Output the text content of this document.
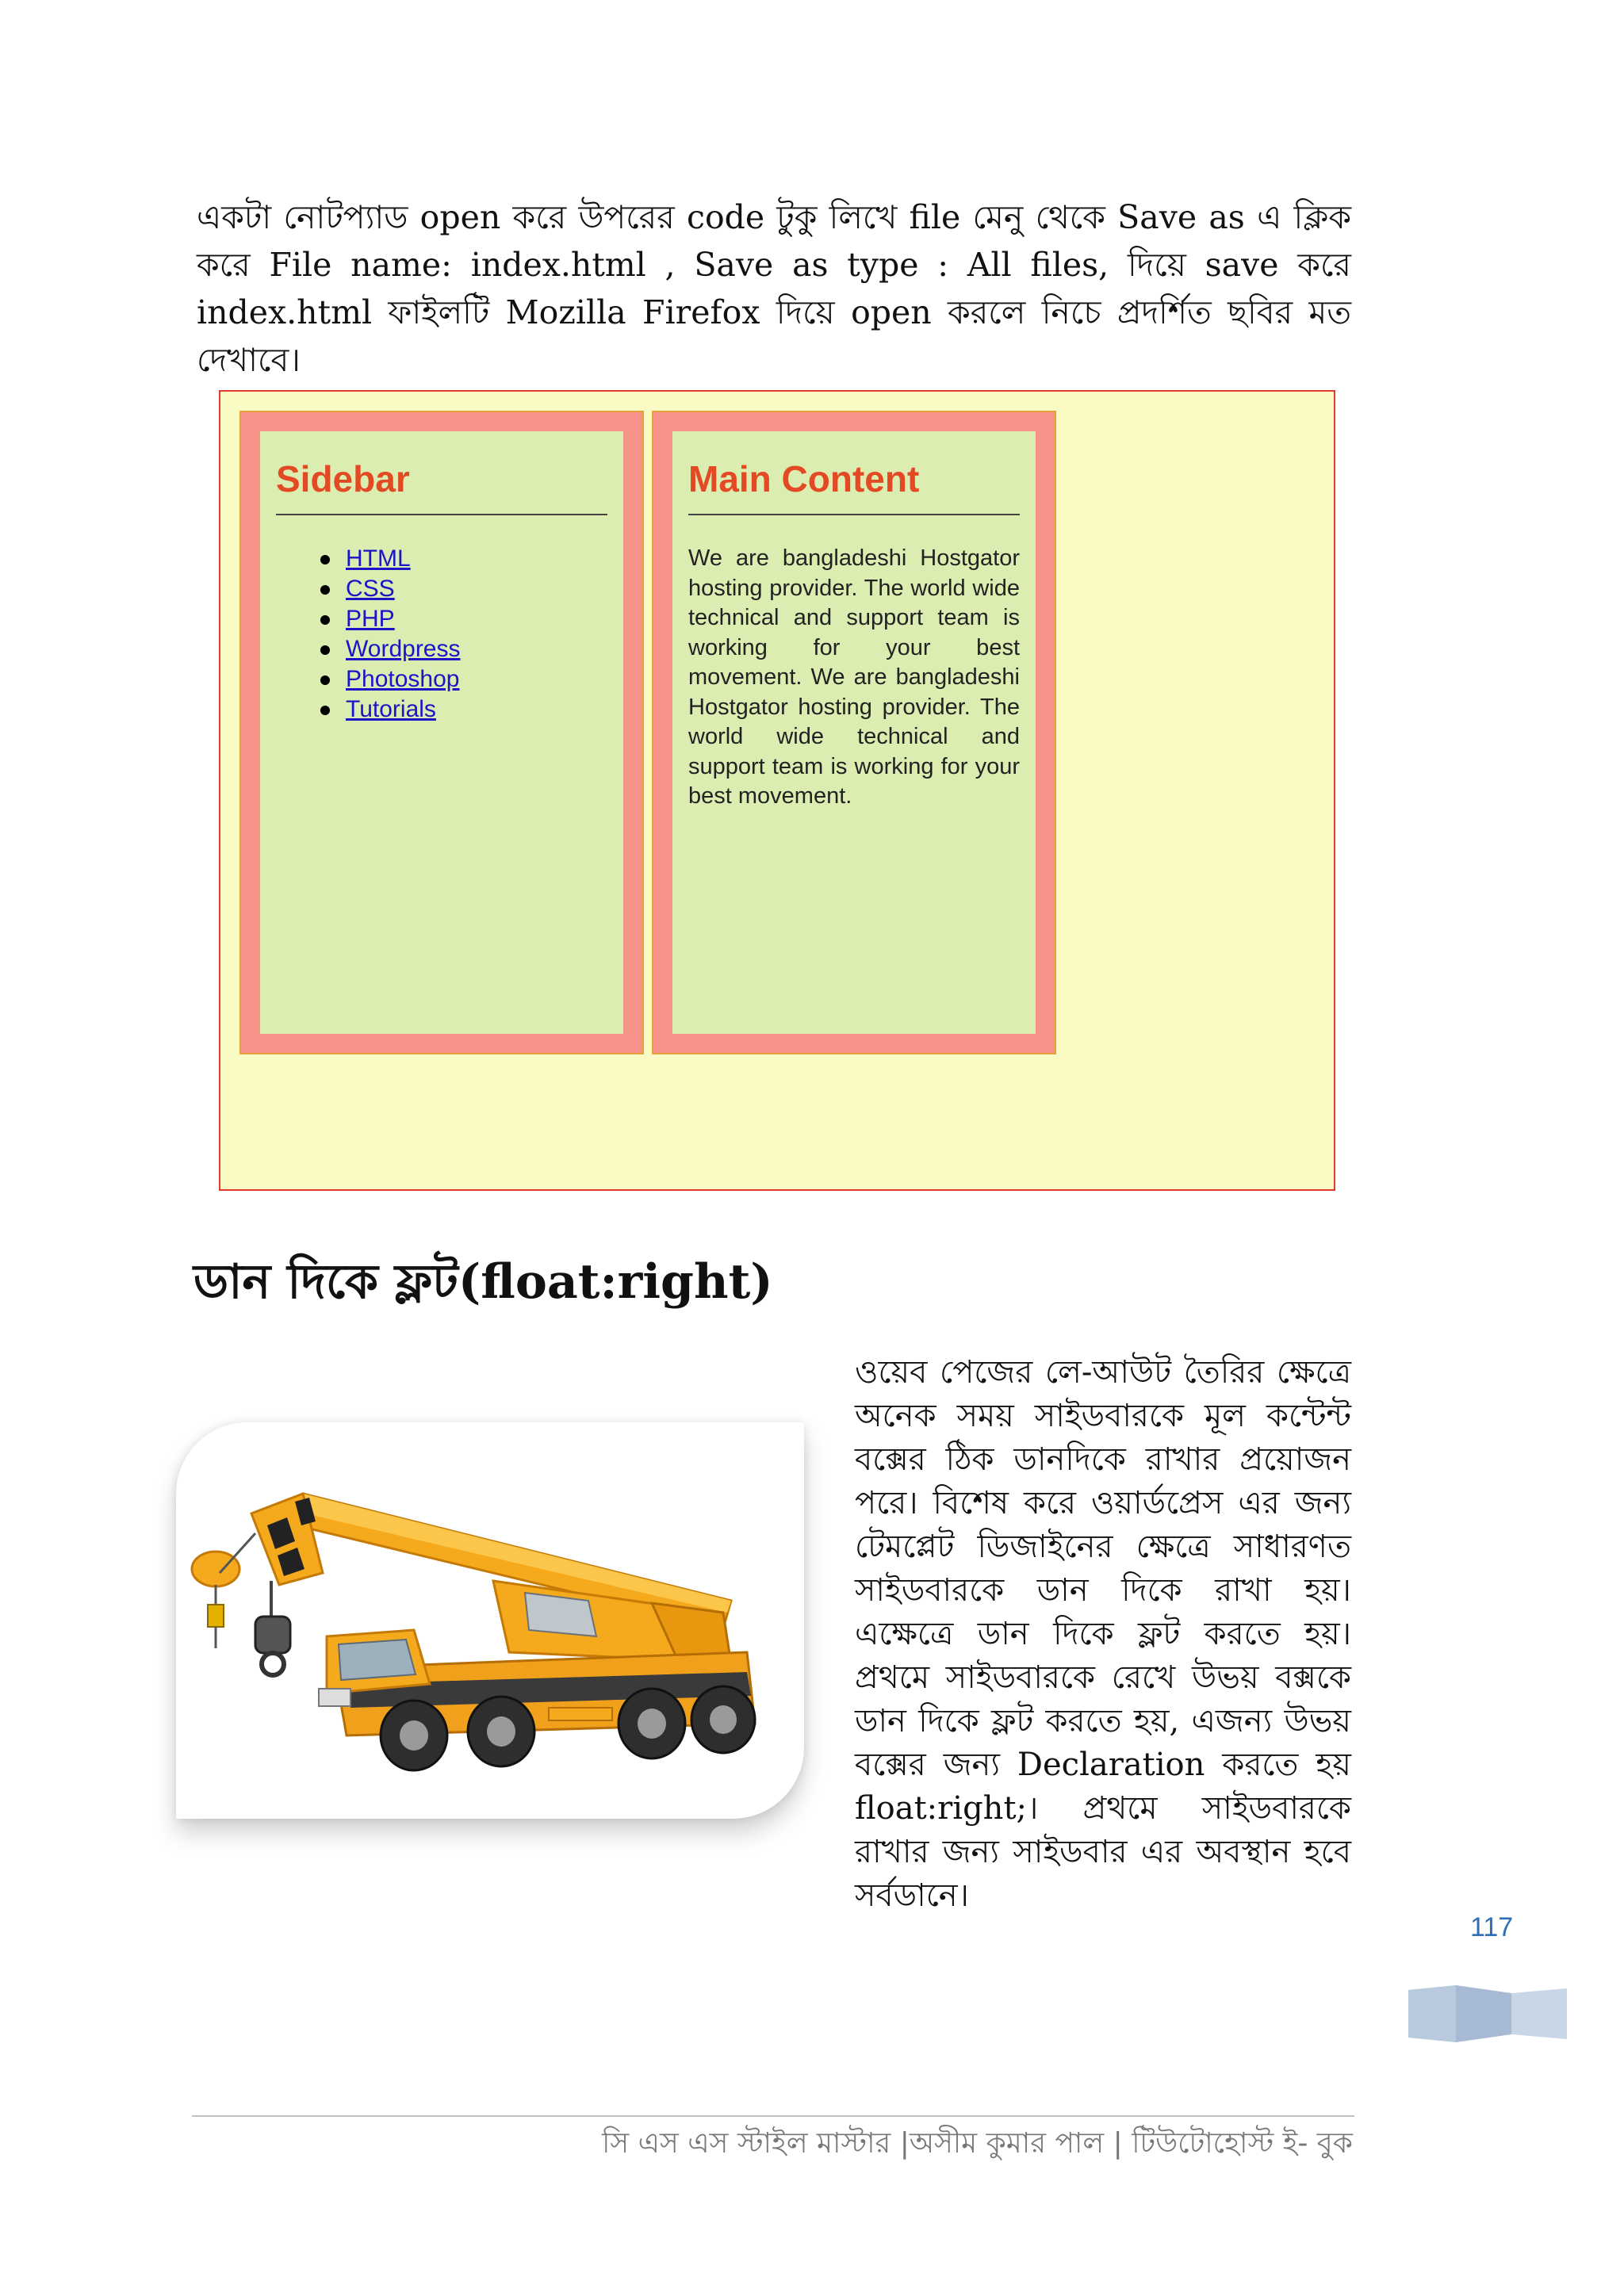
একটা নোটপ্যাড open করে উপরের code টুকু লিখে file মেনু থেকে Save as এ ক্লিক করে File name: index.html , Save as type : All files, দিয়ে save করে index.html ফাইলটি Mozilla Firefox দিয়ে open করলে নিচে প্রদর্শিত ছবির মত দেখাবে।

Sidebar
HTML
CSS
PHP
Wordpress
Photoshop
Tutorials
Main Content

We are bangladeshi Hostgator hosting provider. The world wide technical and support team is working for your best movement. We are bangladeshi Hostgator hosting provider. The world wide technical and support team is working for your best movement.

ডান দিকে ফ্লট(float:right)

ওয়েব পেজের লে-আউট তৈরির ক্ষেত্রে অনেক সময় সাইডবারকে মূল কন্টেন্ট বক্সের ঠিক ডানদিকে রাখার প্রয়োজন পরে। বিশেষ করে ওয়ার্ডপ্রেস এর জন্য টেমপ্লেট ডিজাইনের ক্ষেত্রে সাধারণত সাইডবারকে ডান দিকে রাখা হয়। এক্ষেত্রে ডান দিকে ফ্লট করতে হয়। প্রথমে সাইডবারকে রেখে উভয় বক্সকে ডান দিকে ফ্লট করতে হয়, এজন্য উভয় বক্সের জন্য Declaration করতে হয় float:right;। প্রথমে সাইডবারকে রাখার জন্য সাইডবার এর অবস্থান হবে সর্বডানে।

117
সি এস এস স্টাইল মাস্টার |অসীম কুমার পাল | টিউটোহোস্ট ই- বুক
